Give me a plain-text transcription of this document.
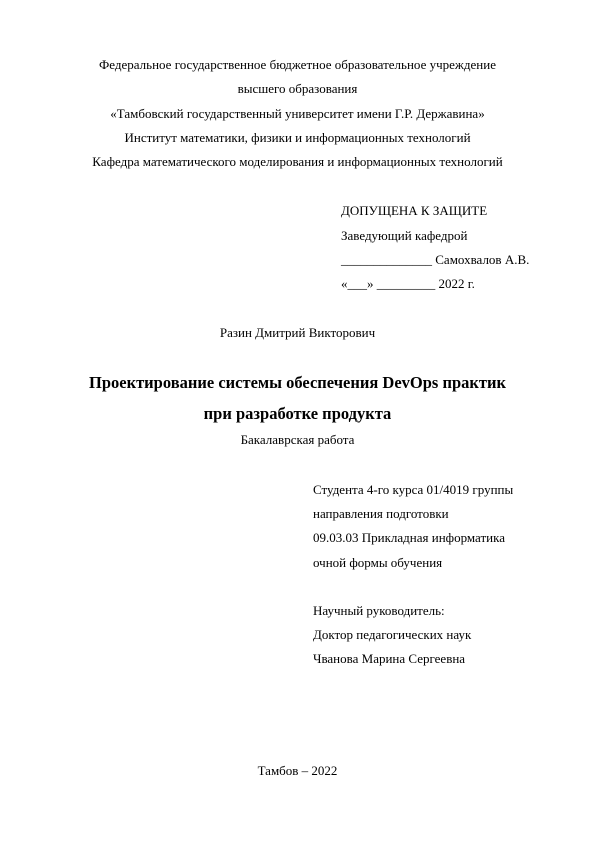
Федеральное государственное бюджетное образовательное учреждение
высшего образования
«Тамбовский государственный университет имени Г.Р. Державина»
Институт математики, физики и информационных технологий
Кафедра математического моделирования и информационных технологий
ДОПУЩЕНА К ЗАЩИТЕ
Заведующий кафедрой
______________ Самохвалов А.В.
«___» _________ 2022 г.
Разин Дмитрий Викторович
Проектирование системы обеспечения DevOps практик
при разработке продукта
Бакалаврская работа
Студента 4-го курса 01/4019 группы
направления подготовки
09.03.03 Прикладная информатика
очной формы обучения
Научный руководитель:
Доктор педагогических наук
Чванова Марина Сергеевна
Тамбов – 2022
